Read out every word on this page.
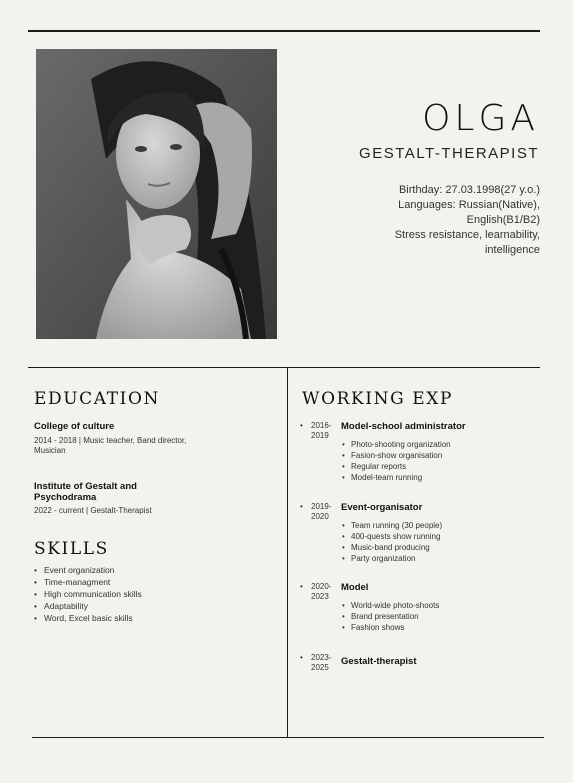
OLGA
GESTALT-THERAPIST
Birthday: 27.03.1998(27 y.o.)
Languages: Russian(Native),
English(B1/B2)
Stress resistance, learnability,
intelligence
EDUCATION
College of culture
2014 - 2018 | Music teacher, Band director,
Musician
Institute of Gestalt and
Psychodrama
2022 - current | Gestalt-Therapist
SKILLS
• Event organization
• Time-managment
• High communication skills
• Adaptability
• Word, Excel basic skills
WORKING EXP
• 2016-
2019
Model-school administrator
• Photo-shooting organization
• Fasion-show organisation
• Regular reports
• Model-team running
• 2019-
2020
Event-organisator
• Team running (30 people)
• 400-quests show running
• Music-band producing
• Party organization
• 2020-
2023
Model
• World-wide photo-shoots
• Brand presentation
• Fashion shows
• 2023-
2025
Gestalt-therapist
